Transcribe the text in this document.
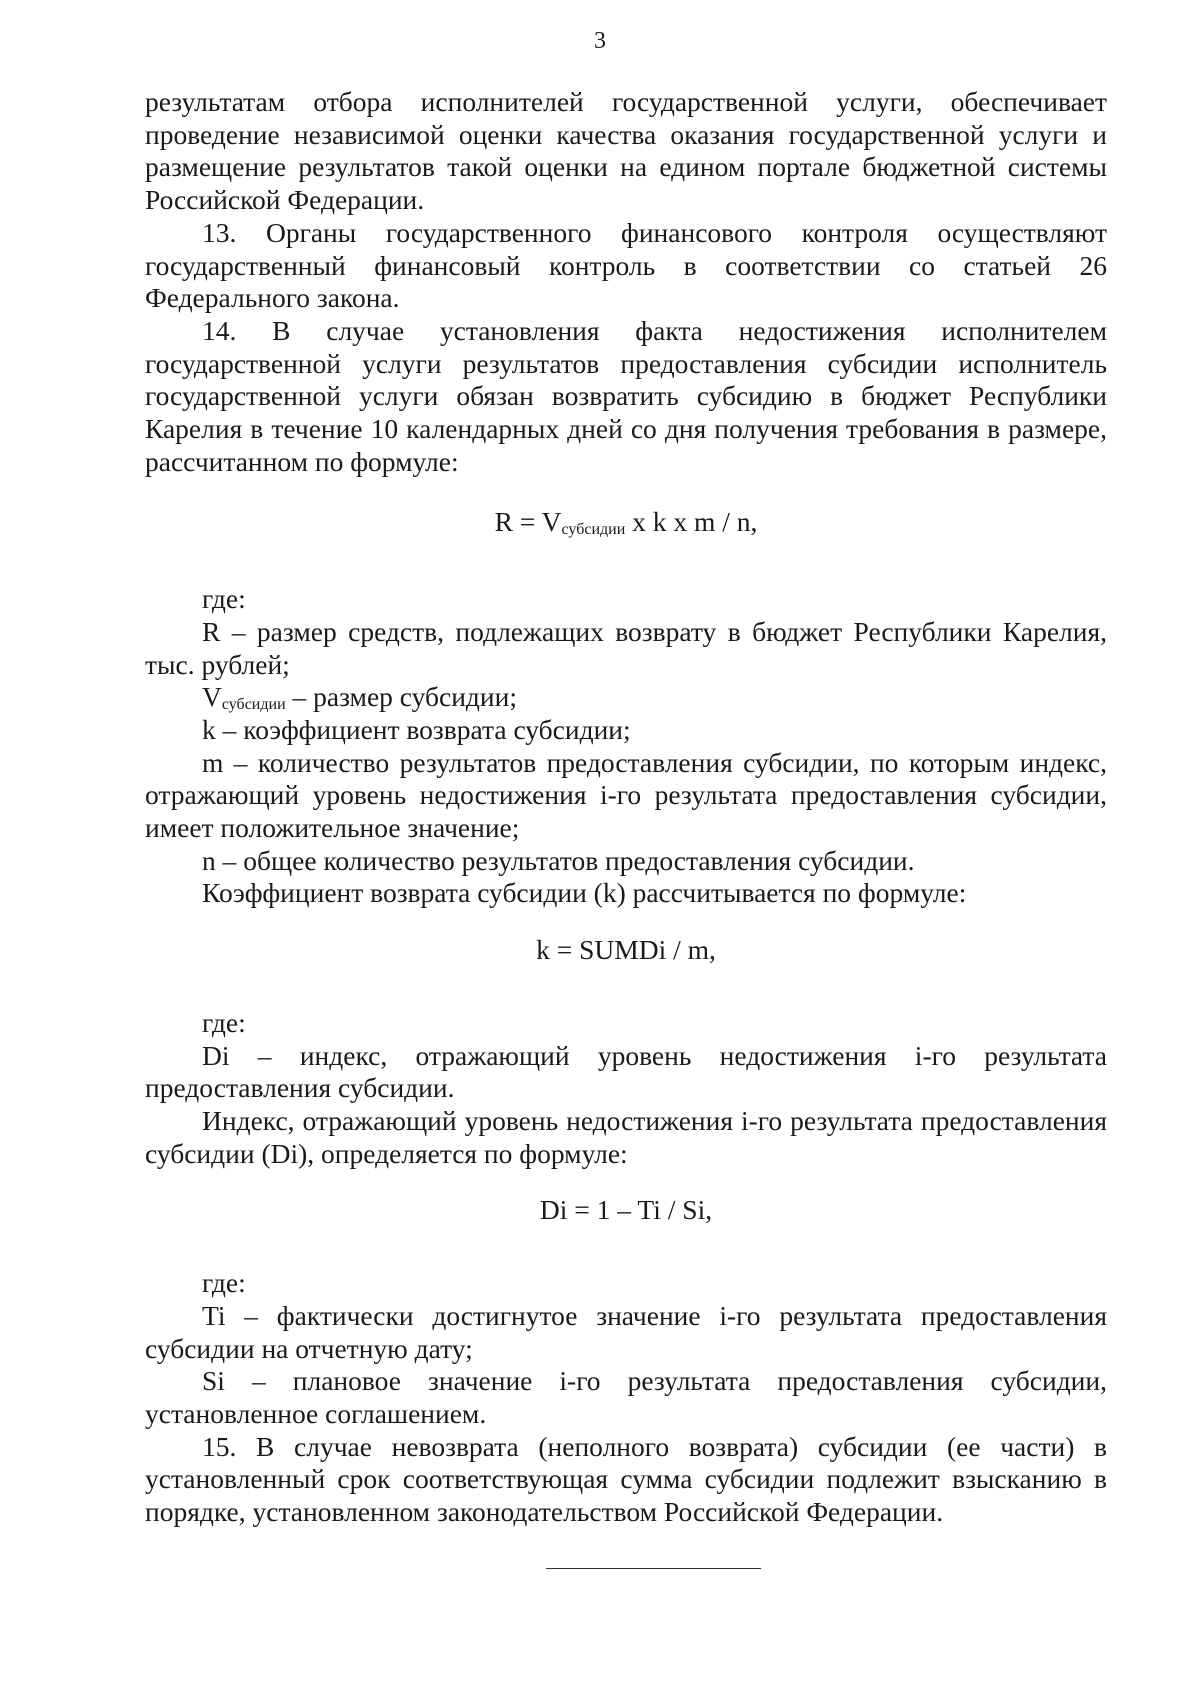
3

результатам отбора исполнителей государственной услуги, обеспечивает проведение независимой оценки качества оказания государственной услуги и размещение результатов такой оценки на едином портале бюджетной системы Российской Федерации.

13. Органы государственного финансового контроля осуществляют государственный финансовый контроль в соответствии со статьей 26 Федерального закона.

14. В случае установления факта недостижения исполнителем государственной услуги результатов предоставления субсидии исполнитель государственной услуги обязан возвратить субсидию в бюджет Республики Карелия в течение 10 календарных дней со дня получения требования в размере, рассчитанном по формуле:

$R = V_{субсидии}$ x k x m / n,

где:

R – размер средств, подлежащих возврату в бюджет Республики Карелия, тыс. рублей;

$V_{субсидии}$ – размер субсидии;

k – коэффициент возврата субсидии;

m – количество результатов предоставления субсидии, по которым индекс, отражающий уровень недостижения i-го результата предоставления субсидии, имеет положительное значение;

n – общее количество результатов предоставления субсидии.

Коэффициент возврата субсидии (k) рассчитывается по формуле:

k = SUMDi / m,

где:

Di – индекс, отражающий уровень недостижения i-го результата предоставления субсидии.

Индекс, отражающий уровень недостижения i-го результата предоставления субсидии (Di), определяется по формуле:

Di = 1 – Ti / Si,

где:

Ti – фактически достигнутое значение i-го результата предоставления субсидии на отчетную дату;

Si – плановое значение i-го результата предоставления субсидии, установленное соглашением.

15. В случае невозврата (неполного возврата) субсидии (ее части) в установленный срок соответствующая сумма субсидии подлежит взысканию в порядке, установленном законодательством Российской Федерации.
